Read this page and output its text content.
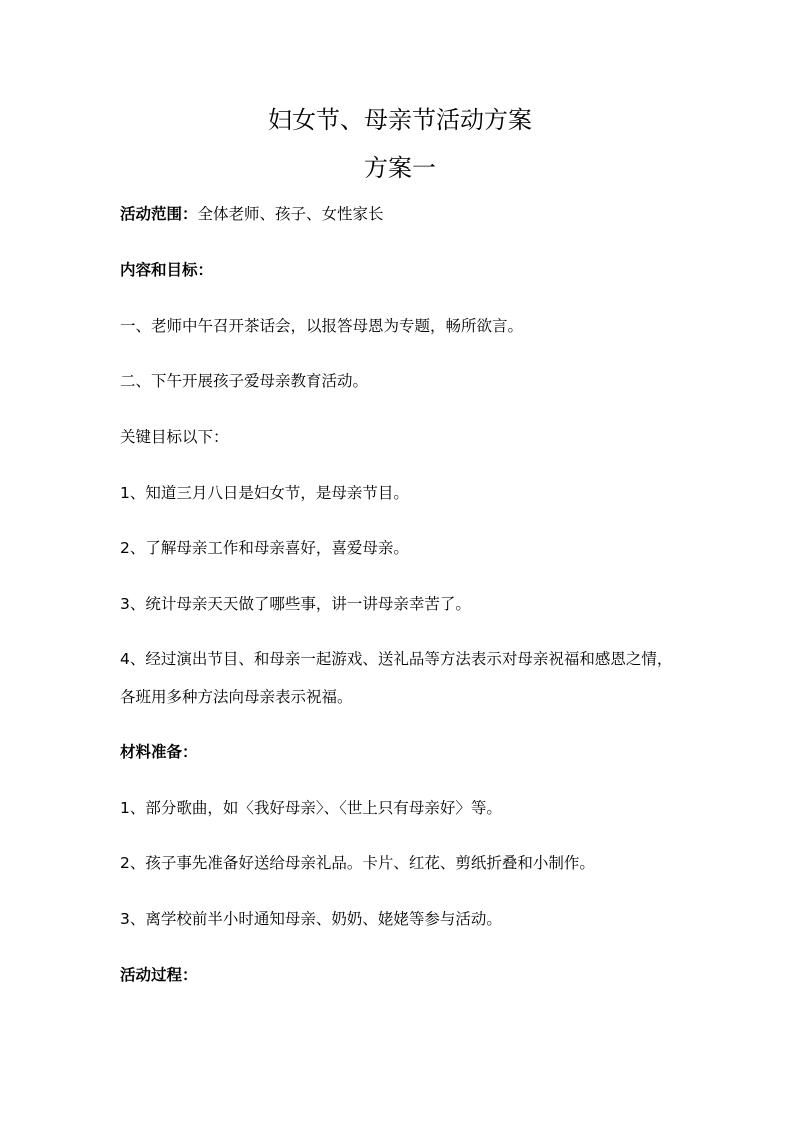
妇女节、母亲节活动方案
方案一

活动范围：全体老师、孩子、女性家长

内容和目标：

一、老师中午召开茶话会，以报答母恩为专题，畅所欲言。

二、下午开展孩子爱母亲教育活动。

关键目标以下：

1、知道三月八日是妇女节，是母亲节目。

2、了解母亲工作和母亲喜好，喜爱母亲。

3、统计母亲天天做了哪些事，讲一讲母亲幸苦了。

4、经过演出节目、和母亲一起游戏、送礼品等方法表示对母亲祝福和感恩之情，

各班用多种方法向母亲表示祝福。

材料准备：

1、部分歌曲，如〈我好母亲〉、〈世上只有母亲好〉等。

2、孩子事先准备好送给母亲礼品。卡片、红花、剪纸折叠和小制作。

3、离学校前半小时通知母亲、奶奶、姥姥等参与活动。

活动过程：
